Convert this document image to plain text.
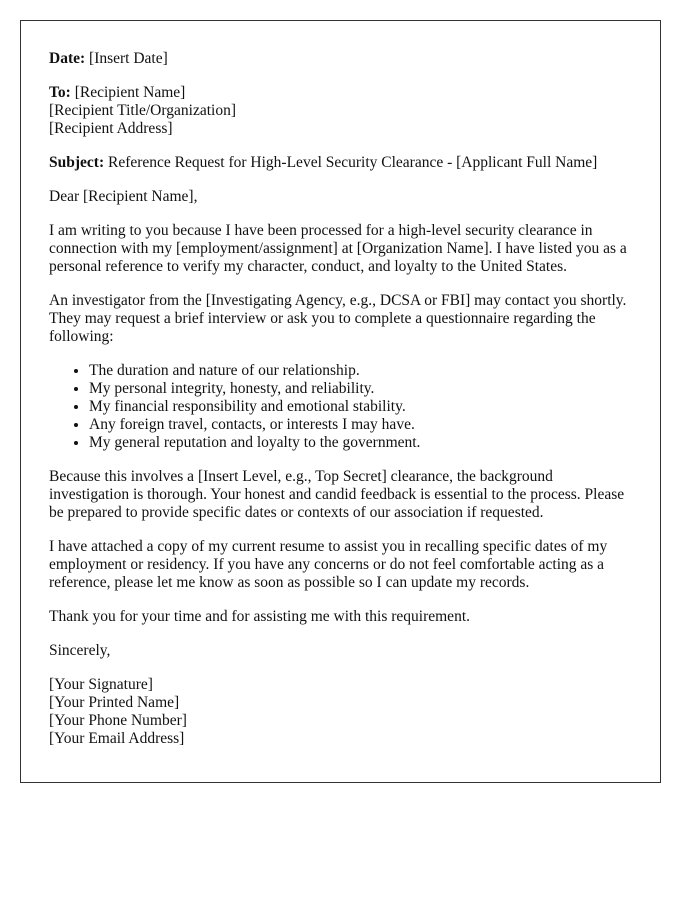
Date: [Insert Date]

To: [Recipient Name]
[Recipient Title/Organization]
[Recipient Address]

Subject: Reference Request for High-Level Security Clearance - [Applicant Full Name]

Dear [Recipient Name],

I am writing to you because I have been processed for a high-level security clearance in connection with my [employment/assignment] at [Organization Name]. I have listed you as a personal reference to verify my character, conduct, and loyalty to the United States.

An investigator from the [Investigating Agency, e.g., DCSA or FBI] may contact you shortly. They may request a brief interview or ask you to complete a questionnaire regarding the following:

• The duration and nature of our relationship.
• My personal integrity, honesty, and reliability.
• My financial responsibility and emotional stability.
• Any foreign travel, contacts, or interests I may have.
• My general reputation and loyalty to the government.

Because this involves a [Insert Level, e.g., Top Secret] clearance, the background investigation is thorough. Your honest and candid feedback is essential to the process. Please be prepared to provide specific dates or contexts of our association if requested.

I have attached a copy of my current resume to assist you in recalling specific dates of my employment or residency. If you have any concerns or do not feel comfortable acting as a reference, please let me know as soon as possible so I can update my records.

Thank you for your time and for assisting me with this requirement.

Sincerely,

[Your Signature]
[Your Printed Name]
[Your Phone Number]
[Your Email Address]
